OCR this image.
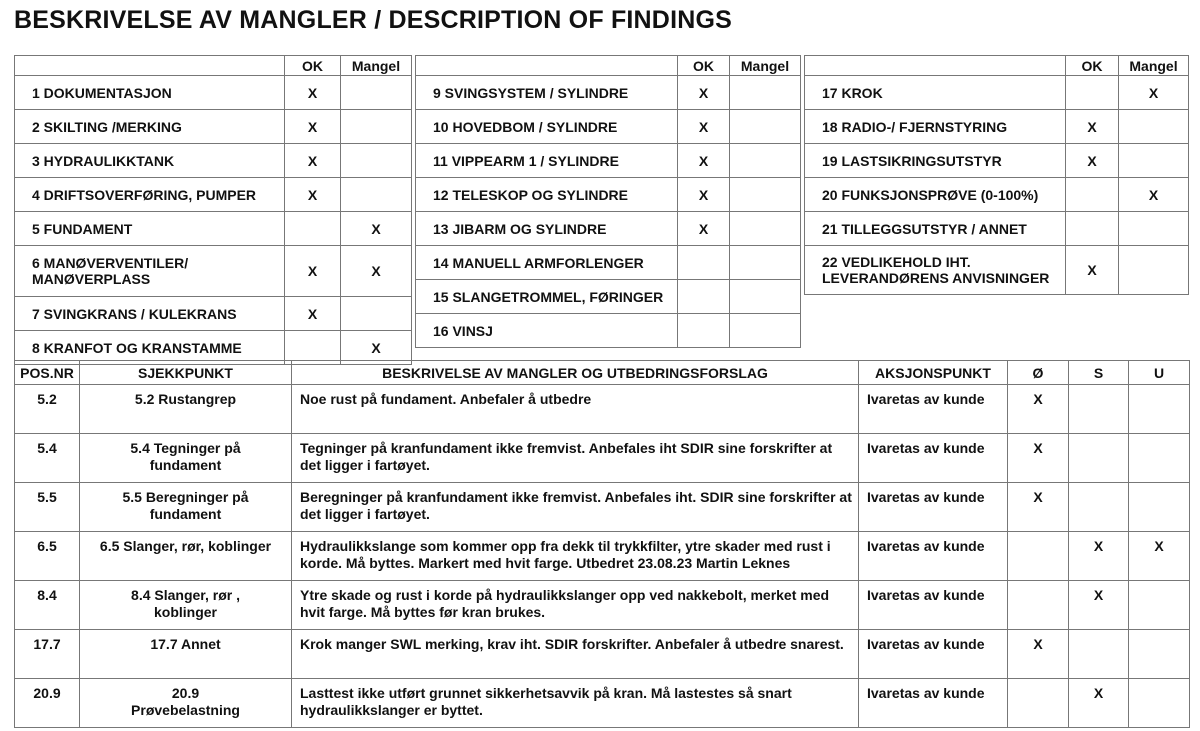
BESKRIVELSE AV MANGLER / DESCRIPTION OF FINDINGS
	OK	Mangel
1 DOKUMENTASJON	X	
2 SKILTING /MERKING	X	
3 HYDRAULIKKTANK	X	
4 DRIFTSOVERFØRING, PUMPER	X	
5 FUNDAMENT		X
6 MANØVERVENTILER/ MANØVERPLASS	X	X
7 SVINGKRANS / KULEKRANS	X	
8 KRANFOT OG KRANSTAMME		X
	OK	Mangel
9 SVINGSYSTEM / SYLINDRE	X	
10 HOVEDBOM / SYLINDRE	X	
11 VIPPEARM 1 / SYLINDRE	X	
12 TELESKOP OG SYLINDRE	X	
13 JIBARM OG SYLINDRE	X	
14 MANUELL ARMFORLENGER		
15 SLANGETROMMEL, FØRINGER		
16 VINSJ		
	OK	Mangel
17 KROK		X
18 RADIO-/ FJERNSTYRING	X	
19 LASTSIKRINGSUTSTYR	X	
20 FUNKSJONSPRØVE (0-100%)		X
21 TILLEGGSUTSTYR / ANNET		
22 VEDLIKEHOLD IHT. LEVERANDØRENS ANVISNINGER	X	
POS.NR	SJEKKPUNKT	BESKRIVELSE AV MANGLER OG UTBEDRINGSFORSLAG	AKSJONSPUNKT	Ø	S	U
5.2	5.2 Rustangrep	Noe rust på fundament. Anbefaler å utbedre	Ivaretas av kunde	X		
5.4	5.4 Tegninger på fundament	Tegninger på kranfundament ikke fremvist. Anbefales iht SDIR sine forskrifter at det ligger i fartøyet.	Ivaretas av kunde	X		
5.5	5.5 Beregninger på fundament	Beregninger på kranfundament ikke fremvist. Anbefales iht. SDIR sine forskrifter at det ligger i fartøyet.	Ivaretas av kunde	X		
6.5	6.5 Slanger, rør, koblinger	Hydraulikkslange som kommer opp fra dekk til trykkfilter, ytre skader med rust i korde. Må byttes. Markert med hvit farge. Utbedret 23.08.23 Martin Leknes	Ivaretas av kunde		X	X
8.4	8.4 Slanger, rør , koblinger	Ytre skade og rust i korde på hydraulikkslanger opp ved nakkebolt, merket med hvit farge. Må byttes før kran brukes.	Ivaretas av kunde		X	
17.7	17.7 Annet	Krok manger SWL merking, krav iht. SDIR forskrifter. Anbefaler å utbedre snarest.	Ivaretas av kunde	X		
20.9	20.9 Prøvebelastning	Lasttest ikke utført grunnet sikkerhetsavvik på kran. Må lastestes så snart hydraulikkslanger er byttet.	Ivaretas av kunde		X	
